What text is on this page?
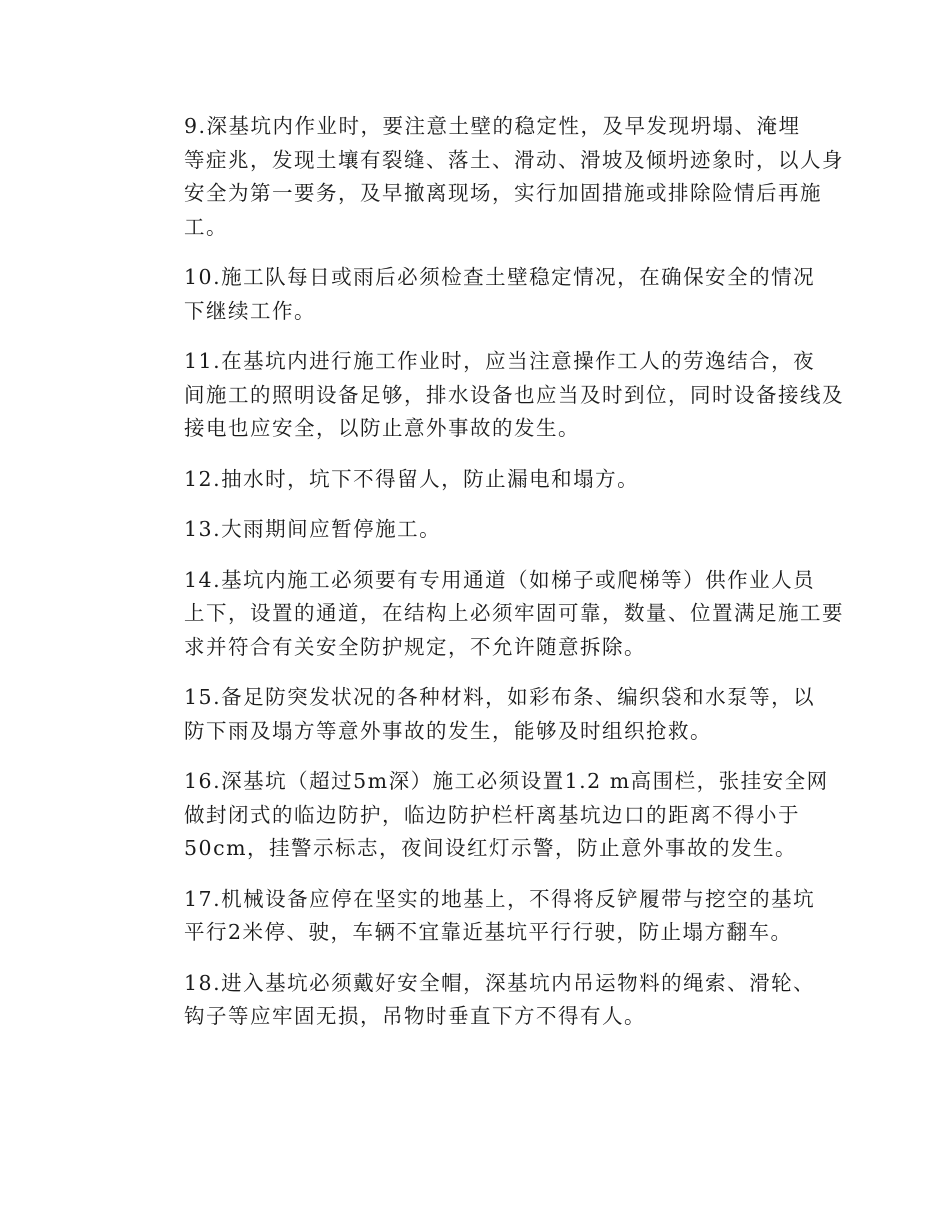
9.深基坑内作业时，要注意土壁的稳定性，及早发现坍塌、淹埋
等症兆，发现土壤有裂缝、落土、滑动、滑坡及倾坍迹象时，以人身
安全为第一要务，及早撤离现场，实行加固措施或排除险情后再施
工。

10.施工队每日或雨后必须检查土壁稳定情况，在确保安全的情况
下继续工作。

11.在基坑内进行施工作业时，应当注意操作工人的劳逸结合，夜
间施工的照明设备足够，排水设备也应当及时到位，同时设备接线及
接电也应安全，以防止意外事故的发生。

12.抽水时，坑下不得留人，防止漏电和塌方。

13.大雨期间应暂停施工。

14.基坑内施工必须要有专用通道（如梯子或爬梯等）供作业人员
上下，设置的通道，在结构上必须牢固可靠，数量、位置满足施工要
求并符合有关安全防护规定，不允许随意拆除。

15.备足防突发状况的各种材料，如彩布条、编织袋和水泵等，以
防下雨及塌方等意外事故的发生，能够及时组织抢救。

16.深基坑（超过5m深）施工必须设置1.2 m高围栏，张挂安全网
做封闭式的临边防护，临边防护栏杆离基坑边口的距离不得小于
50cm，挂警示标志，夜间设红灯示警，防止意外事故的发生。

17.机械设备应停在坚实的地基上，不得将反铲履带与挖空的基坑
平行2米停、驶，车辆不宜靠近基坑平行行驶，防止塌方翻车。

18.进入基坑必须戴好安全帽，深基坑内吊运物料的绳索、滑轮、
钩子等应牢固无损，吊物时垂直下方不得有人。
